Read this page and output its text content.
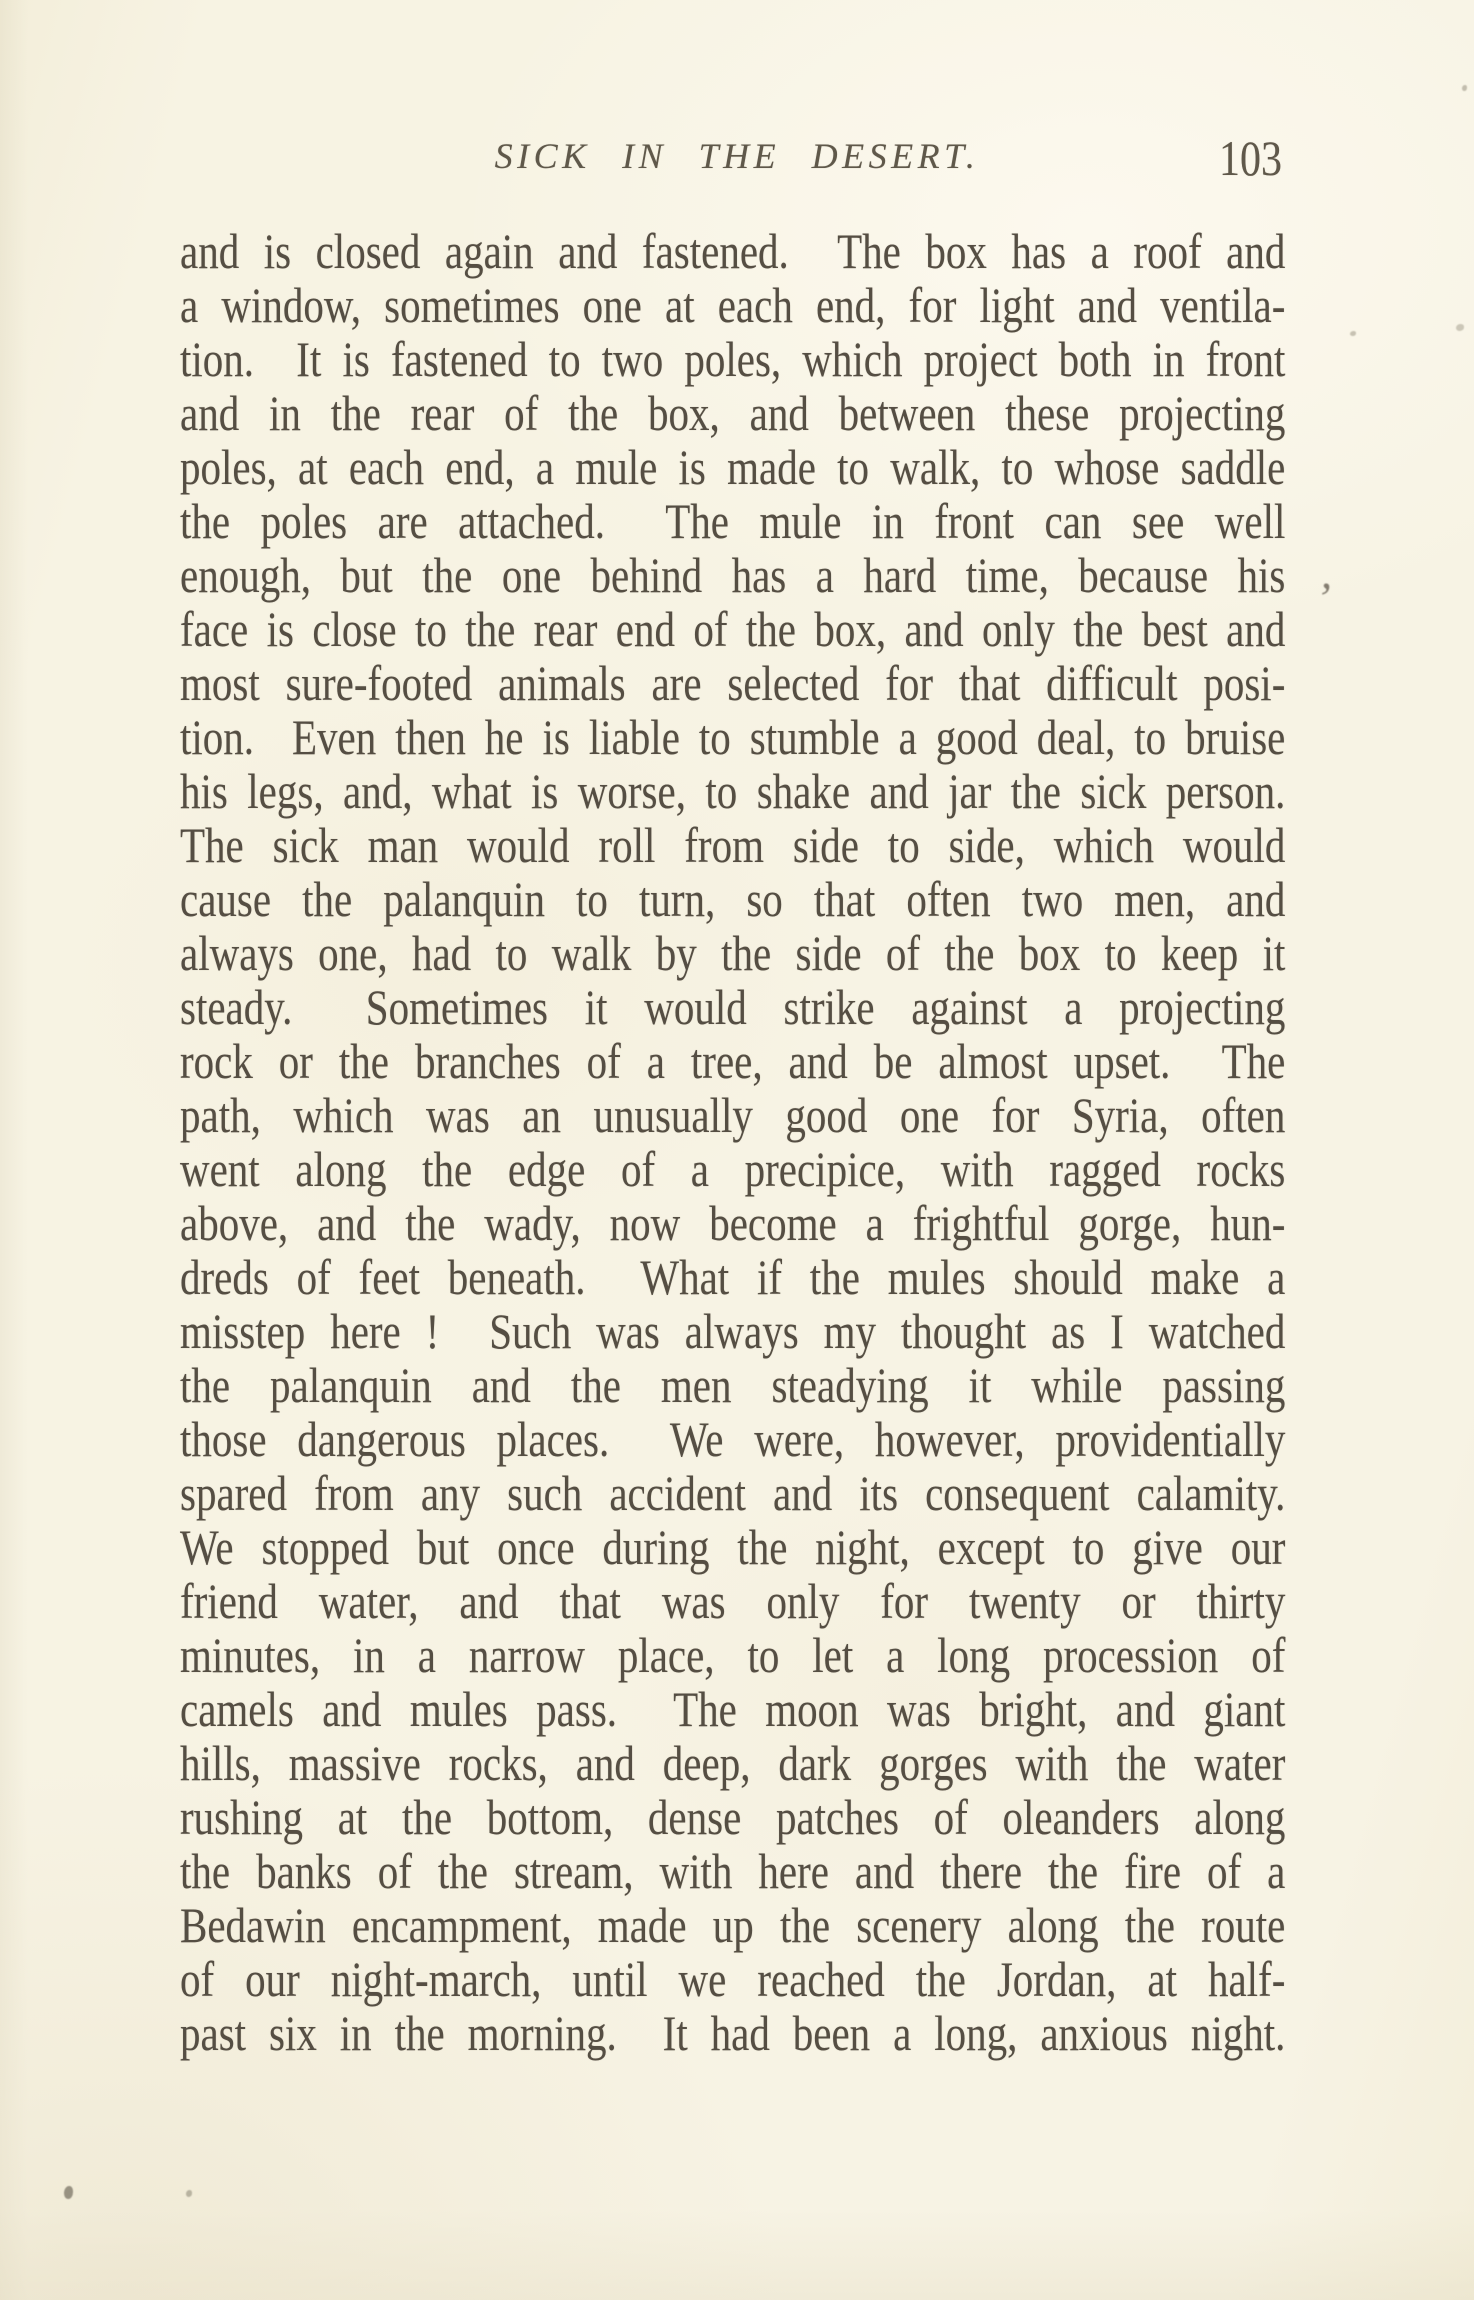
SICK IN THE DESERT.	103
and is closed again and fastened.  The box has a roof and
a window, sometimes one at each end, for light and ventila-
tion.  It is fastened to two poles, which project both in front
and in the rear of the box, and between these projecting
poles, at each end, a mule is made to walk, to whose saddle
the poles are attached.  The mule in front can see well
enough, but the one behind has a hard time, because his
face is close to the rear end of the box, and only the best and
most sure-footed animals are selected for that difficult posi-
tion.  Even then he is liable to stumble a good deal, to bruise
his legs, and, what is worse, to shake and jar the sick person.
The sick man would roll from side to side, which would
cause the palanquin to turn, so that often two men, and
always one, had to walk by the side of the box to keep it
steady.  Sometimes it would strike against a projecting
rock or the branches of a tree, and be almost upset.  The
path, which was an unusually good one for Syria, often
went along the edge of a precipice, with ragged rocks
above, and the wady, now become a frightful gorge, hun-
dreds of feet beneath.  What if the mules should make a
misstep here !  Such was always my thought as I watched
the palanquin and the men steadying it while passing
those dangerous places.  We were, however, providentially
spared from any such accident and its consequent calamity.
We stopped but once during the night, except to give our
friend water, and that was only for twenty or thirty
minutes, in a narrow place, to let a long procession of
camels and mules pass.  The moon was bright, and giant
hills, massive rocks, and deep, dark gorges with the water
rushing at the bottom, dense patches of oleanders along
the banks of the stream, with here and there the fire of a
Bedawin encampment, made up the scenery along the route
of our night-march, until we reached the Jordan, at half-
past six in the morning.  It had been a long, anxious night.
,
